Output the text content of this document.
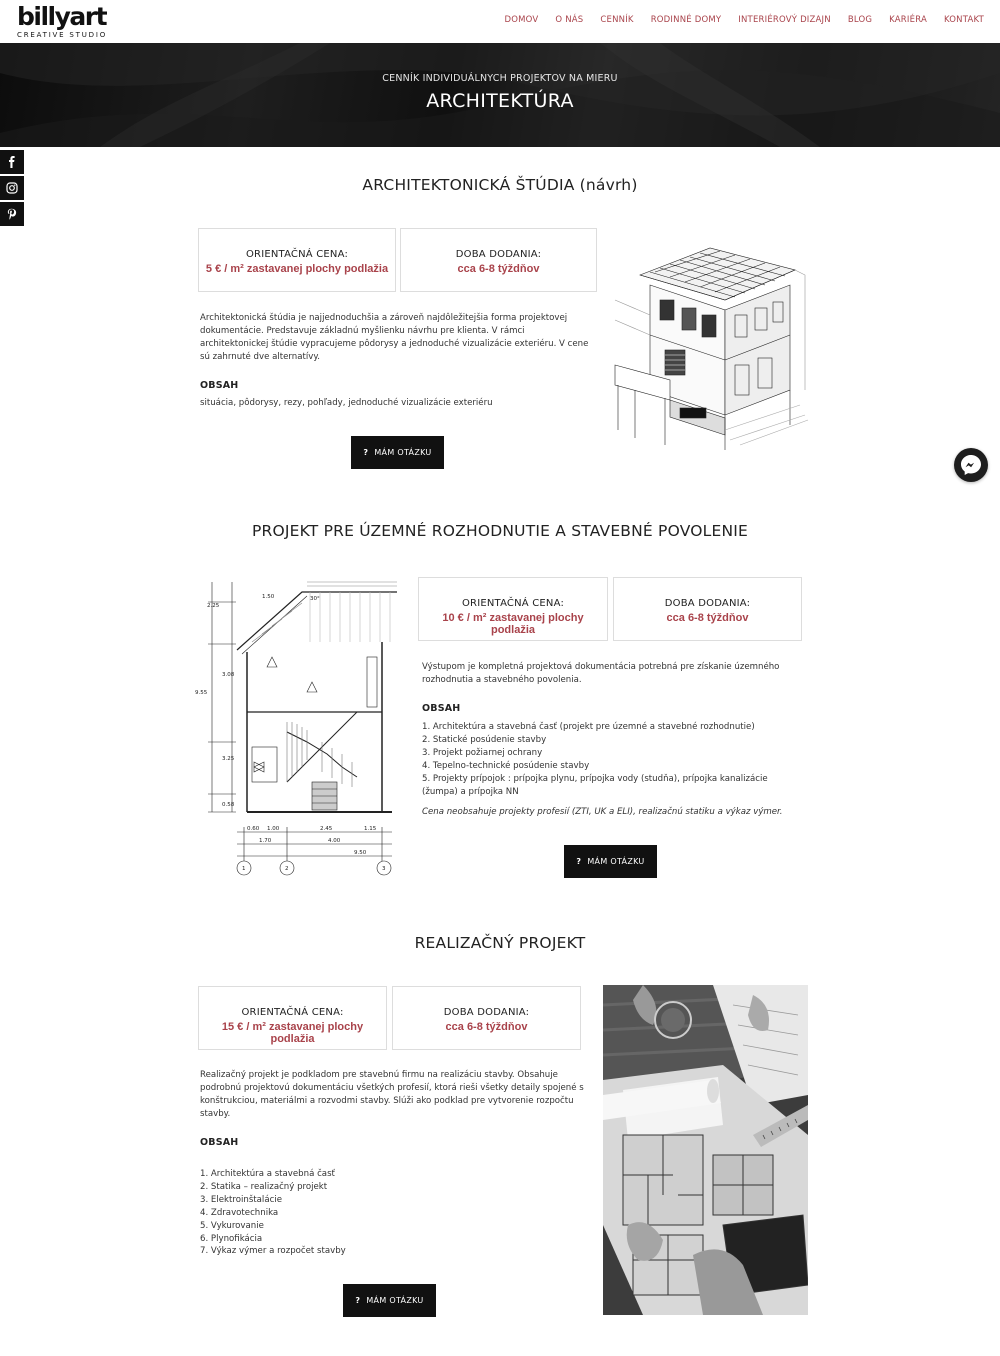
billyart
CREATIVE STUDIO
DOMOV O NÁS CENNÍK RODINNÉ DOMY INTERIÉROVÝ DIZAJN BLOG KARIÉRA KONTAKT
CENNÍK INDIVIDUÁLNYCH PROJEKTOV NA MIERU
ARCHITEKTÚRA
ARCHITEKTONICKÁ ŠTÚDIA (návrh)
ORIENTAČNÁ CENA:
5 € / m² zastavanej plochy podlažia
DOBA DODANIA:
cca 6-8 týždňov
Architektonická štúdia je najjednoduchšia a zároveň najdôležitejšia forma projektovej dokumentácie. Predstavuje základnú myšlienku návrhu pre klienta. V rámci architektonickej štúdie vypracujeme pôdorysy a jednoduché vizualizácie exteriéru. V cene sú zahrnuté dve alternatívy.
OBSAH
situácia, pôdorysy, rezy, pohľady, jednoduché vizualizácie exteriéru
? MÁM OTÁZKU
PROJEKT PRE ÚZEMNÉ ROZHODNUTIE A STAVEBNÉ POVOLENIE
1.50	30°
2.25
3.08
9.55
3.25
0.58
0.60 1.00	2.45	1.15
1.70	4.00
9.50
1	2	3
ORIENTAČNÁ CENA:
10 € / m² zastavanej plochy podlažia
DOBA DODANIA:
cca 6-8 týždňov
Výstupom je kompletná projektová dokumentácia potrebná pre získanie územného rozhodnutia a stavebného povolenia.
OBSAH
1. Architektúra a stavebná časť (projekt pre územné a stavebné rozhodnutie)
2. Statické posúdenie stavby
3. Projekt požiarnej ochrany
4. Tepelno-technické posúdenie stavby
5. Projekty prípojok : prípojka plynu, prípojka vody (studňa), prípojka kanalizácie (žumpa) a prípojka NN
Cena neobsahuje projekty profesií (ZTI, UK a ELI), realizačnú statiku a výkaz výmer.
? MÁM OTÁZKU
REALIZAČNÝ PROJEKT
ORIENTAČNÁ CENA:
15 € / m² zastavanej plochy podlažia
DOBA DODANIA:
cca 6-8 týždňov
Realizačný projekt je podkladom pre stavebnú firmu na realizáciu stavby. Obsahuje podrobnú projektovú dokumentáciu všetkých profesií, ktorá rieši všetky detaily spojené s konštrukciou, materiálmi a rozvodmi stavby. Slúži ako podklad pre vytvorenie rozpočtu stavby.
OBSAH
1. Architektúra a stavebná časť
2. Statika – realizačný projekt
3. Elektroinštalácie
4. Zdravotechnika
5. Vykurovanie
6. Plynofikácia
7. Výkaz výmer a rozpočet stavby
? MÁM OTÁZKU
